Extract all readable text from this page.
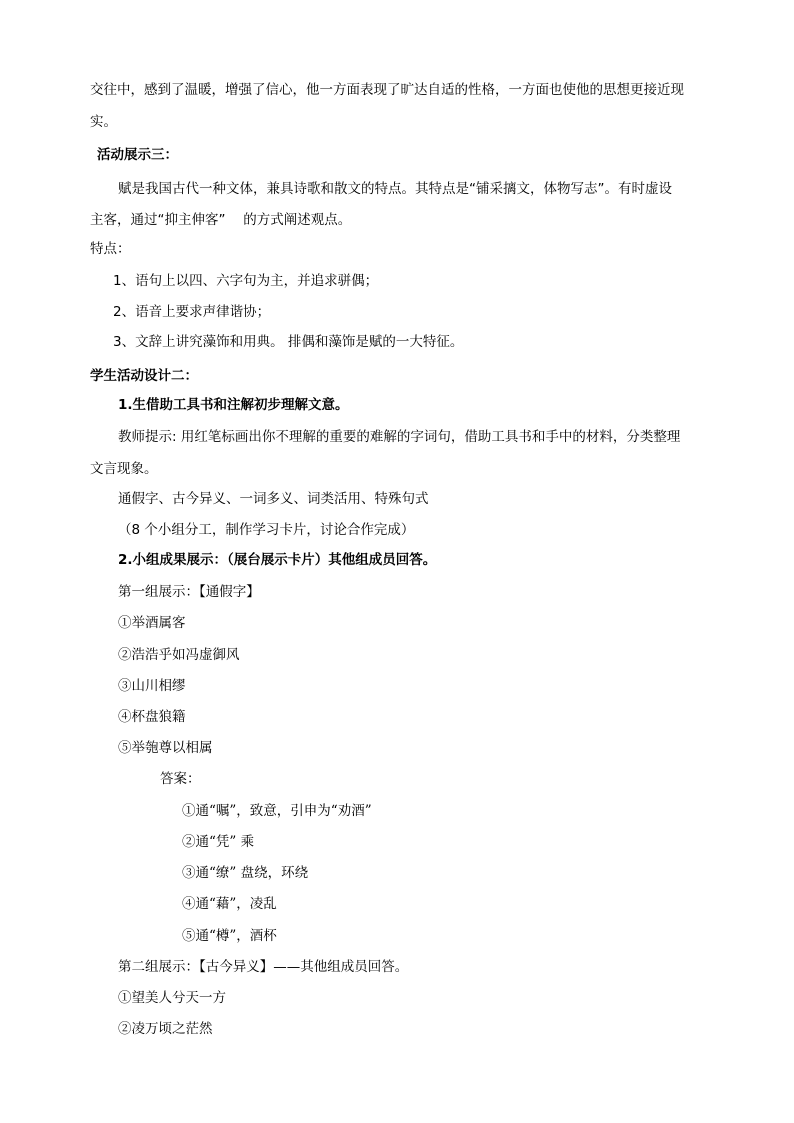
交往中，感到了温暖，增强了信心，他一方面表现了旷达自适的性格，一方面也使他的思想更接近现
实。
活动展示三：
赋是我国古代一种文体，兼具诗歌和散文的特点。其特点是“铺采摛文，体物写志”。有时虚设
主客，通过“抑主伸客”　 的方式阐述观点。
特点：
1、语句上以四、六字句为主，并追求骈偶；
2、语音上要求声律谐协；
3、文辞上讲究藻饰和用典。 排偶和藻饰是赋的一大特征。
学生活动设计二：
1.生借助工具书和注解初步理解文意。
教师提示: 用红笔标画出你不理解的重要的难解的字词句，借助工具书和手中的材料，分类整理
文言现象。
通假字、古今异义、一词多义、词类活用、特殊句式
（8 个小组分工，制作学习卡片，讨论合作完成）
2.小组成果展示：（展台展示卡片）其他组成员回答。
第一组展示：【通假字】
①举酒属客
②浩浩乎如冯虚御风
③山川相缪
④杯盘狼籍
⑤举匏尊以相属
答案：
①通“嘱”，致意，引申为“劝酒”
②通“凭” 乘
③通“缭” 盘绕，环绕
④通“藉”，凌乱
⑤通“樽”，酒杯
第二组展示：【古今异义】——其他组成员回答。
①望美人兮天一方
②凌万顷之茫然
